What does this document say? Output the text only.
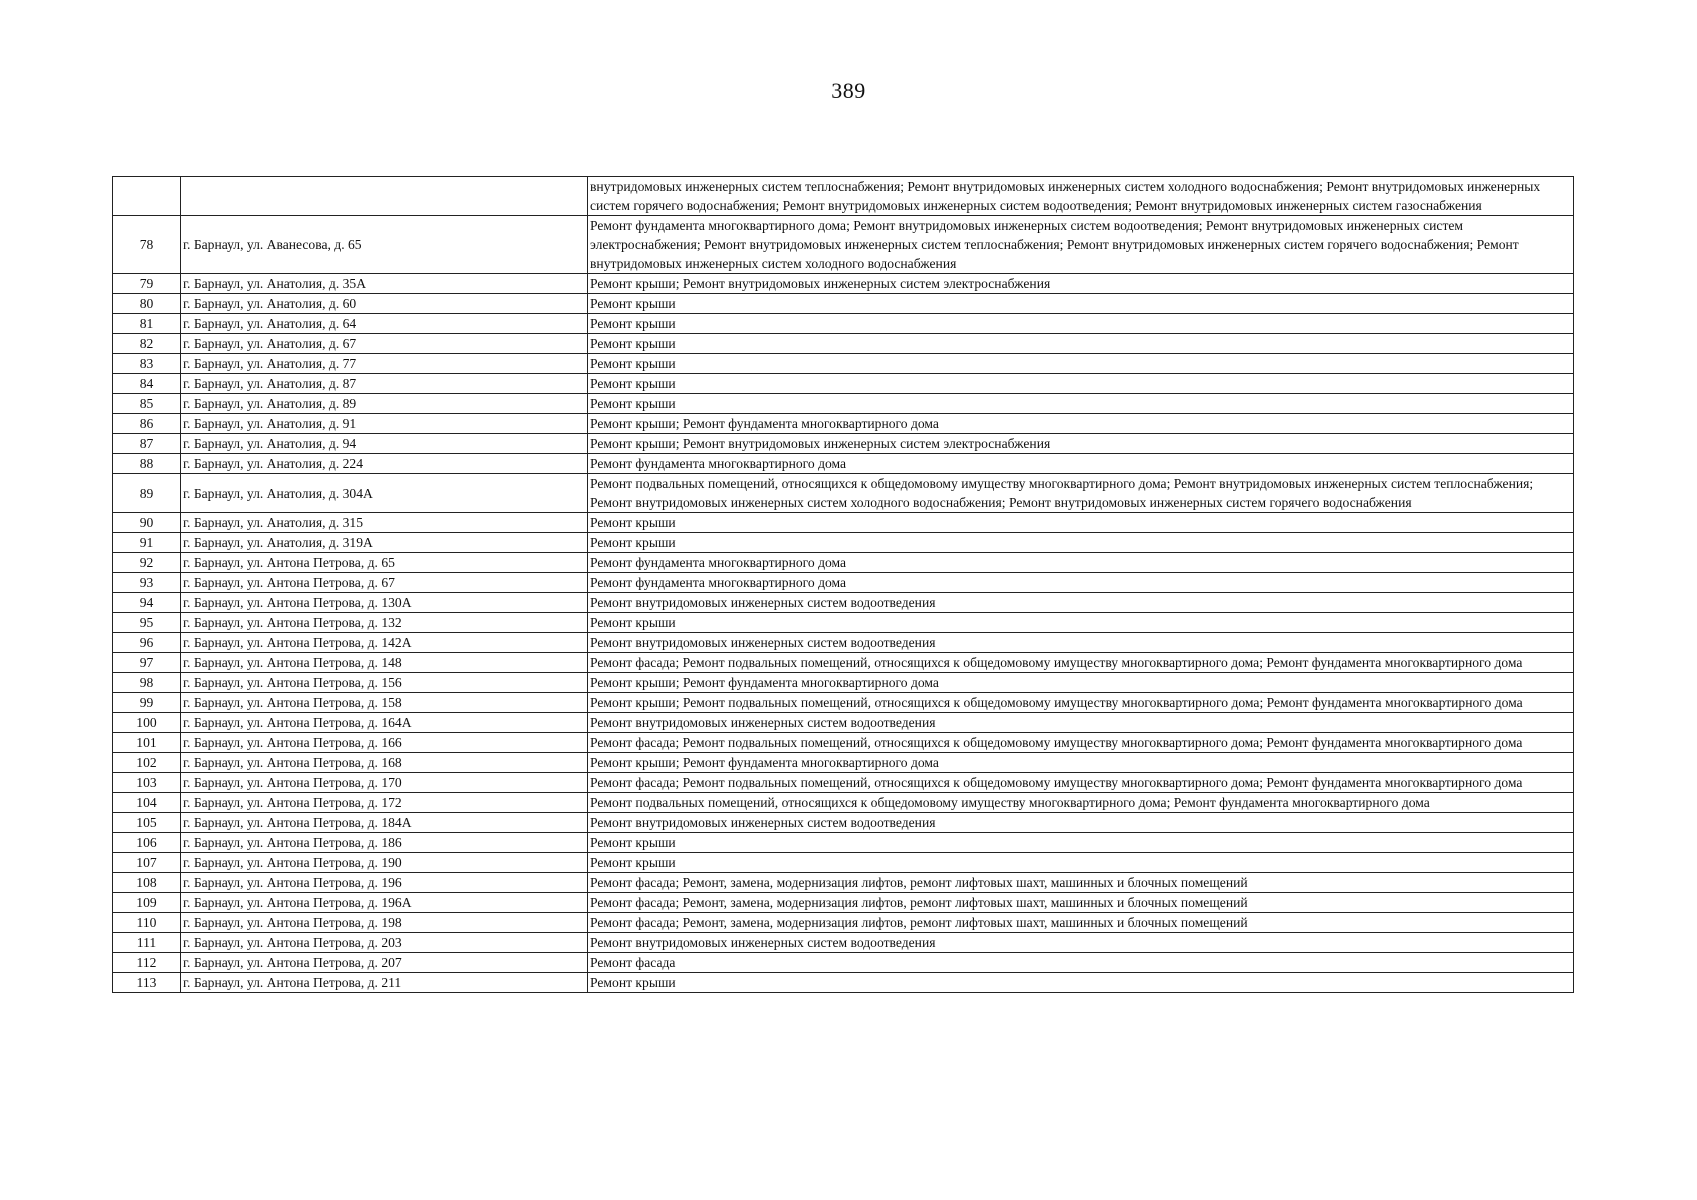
389
		внутридомовых инженерных систем теплоснабжения; Ремонт внутридомовых инженерных систем холодного водоснабжения; Ремонт внутридомовых инженерных систем горячего водоснабжения; Ремонт внутридомовых инженерных систем водоотведения; Ремонт внутридомовых инженерных систем газоснабжения
78	г. Барнаул, ул. Аванесова, д. 65	Ремонт фундамента многоквартирного дома; Ремонт внутридомовых инженерных систем водоотведения; Ремонт внутридомовых инженерных систем электроснабжения; Ремонт внутридомовых инженерных систем теплоснабжения; Ремонт внутридомовых инженерных систем горячего водоснабжения; Ремонт внутридомовых инженерных систем холодного водоснабжения
79	г. Барнаул, ул. Анатолия, д. 35А	Ремонт крыши; Ремонт внутридомовых инженерных систем электроснабжения
80	г. Барнаул, ул. Анатолия, д. 60	Ремонт крыши
81	г. Барнаул, ул. Анатолия, д. 64	Ремонт крыши
82	г. Барнаул, ул. Анатолия, д. 67	Ремонт крыши
83	г. Барнаул, ул. Анатолия, д. 77	Ремонт крыши
84	г. Барнаул, ул. Анатолия, д. 87	Ремонт крыши
85	г. Барнаул, ул. Анатолия, д. 89	Ремонт крыши
86	г. Барнаул, ул. Анатолия, д. 91	Ремонт крыши; Ремонт фундамента многоквартирного дома
87	г. Барнаул, ул. Анатолия, д. 94	Ремонт крыши; Ремонт внутридомовых инженерных систем электроснабжения
88	г. Барнаул, ул. Анатолия, д. 224	Ремонт фундамента многоквартирного дома
89	г. Барнаул, ул. Анатолия, д. 304А	Ремонт подвальных помещений, относящихся к общедомовому имуществу многоквартирного дома; Ремонт внутридомовых инженерных систем теплоснабжения; Ремонт внутридомовых инженерных систем холодного водоснабжения; Ремонт внутридомовых инженерных систем горячего водоснабжения
90	г. Барнаул, ул. Анатолия, д. 315	Ремонт крыши
91	г. Барнаул, ул. Анатолия, д. 319А	Ремонт крыши
92	г. Барнаул, ул. Антона Петрова, д. 65	Ремонт фундамента многоквартирного дома
93	г. Барнаул, ул. Антона Петрова, д. 67	Ремонт фундамента многоквартирного дома
94	г. Барнаул, ул. Антона Петрова, д. 130А	Ремонт внутридомовых инженерных систем водоотведения
95	г. Барнаул, ул. Антона Петрова, д. 132	Ремонт крыши
96	г. Барнаул, ул. Антона Петрова, д. 142А	Ремонт внутридомовых инженерных систем водоотведения
97	г. Барнаул, ул. Антона Петрова, д. 148	Ремонт фасада; Ремонт подвальных помещений, относящихся к общедомовому имуществу многоквартирного дома; Ремонт фундамента многоквартирного дома
98	г. Барнаул, ул. Антона Петрова, д. 156	Ремонт крыши; Ремонт фундамента многоквартирного дома
99	г. Барнаул, ул. Антона Петрова, д. 158	Ремонт крыши; Ремонт подвальных помещений, относящихся к общедомовому имуществу многоквартирного дома; Ремонт фундамента многоквартирного дома
100	г. Барнаул, ул. Антона Петрова, д. 164А	Ремонт внутридомовых инженерных систем водоотведения
101	г. Барнаул, ул. Антона Петрова, д. 166	Ремонт фасада; Ремонт подвальных помещений, относящихся к общедомовому имуществу многоквартирного дома; Ремонт фундамента многоквартирного дома
102	г. Барнаул, ул. Антона Петрова, д. 168	Ремонт крыши; Ремонт фундамента многоквартирного дома
103	г. Барнаул, ул. Антона Петрова, д. 170	Ремонт фасада; Ремонт подвальных помещений, относящихся к общедомовому имуществу многоквартирного дома; Ремонт фундамента многоквартирного дома
104	г. Барнаул, ул. Антона Петрова, д. 172	Ремонт подвальных помещений, относящихся к общедомовому имуществу многоквартирного дома; Ремонт фундамента многоквартирного дома
105	г. Барнаул, ул. Антона Петрова, д. 184А	Ремонт внутридомовых инженерных систем водоотведения
106	г. Барнаул, ул. Антона Петрова, д. 186	Ремонт крыши
107	г. Барнаул, ул. Антона Петрова, д. 190	Ремонт крыши
108	г. Барнаул, ул. Антона Петрова, д. 196	Ремонт фасада; Ремонт, замена, модернизация лифтов, ремонт лифтовых шахт, машинных и блочных помещений
109	г. Барнаул, ул. Антона Петрова, д. 196А	Ремонт фасада; Ремонт, замена, модернизация лифтов, ремонт лифтовых шахт, машинных и блочных помещений
110	г. Барнаул, ул. Антона Петрова, д. 198	Ремонт фасада; Ремонт, замена, модернизация лифтов, ремонт лифтовых шахт, машинных и блочных помещений
111	г. Барнаул, ул. Антона Петрова, д. 203	Ремонт внутридомовых инженерных систем водоотведения
112	г. Барнаул, ул. Антона Петрова, д. 207	Ремонт фасада
113	г. Барнаул, ул. Антона Петрова, д. 211	Ремонт крыши
